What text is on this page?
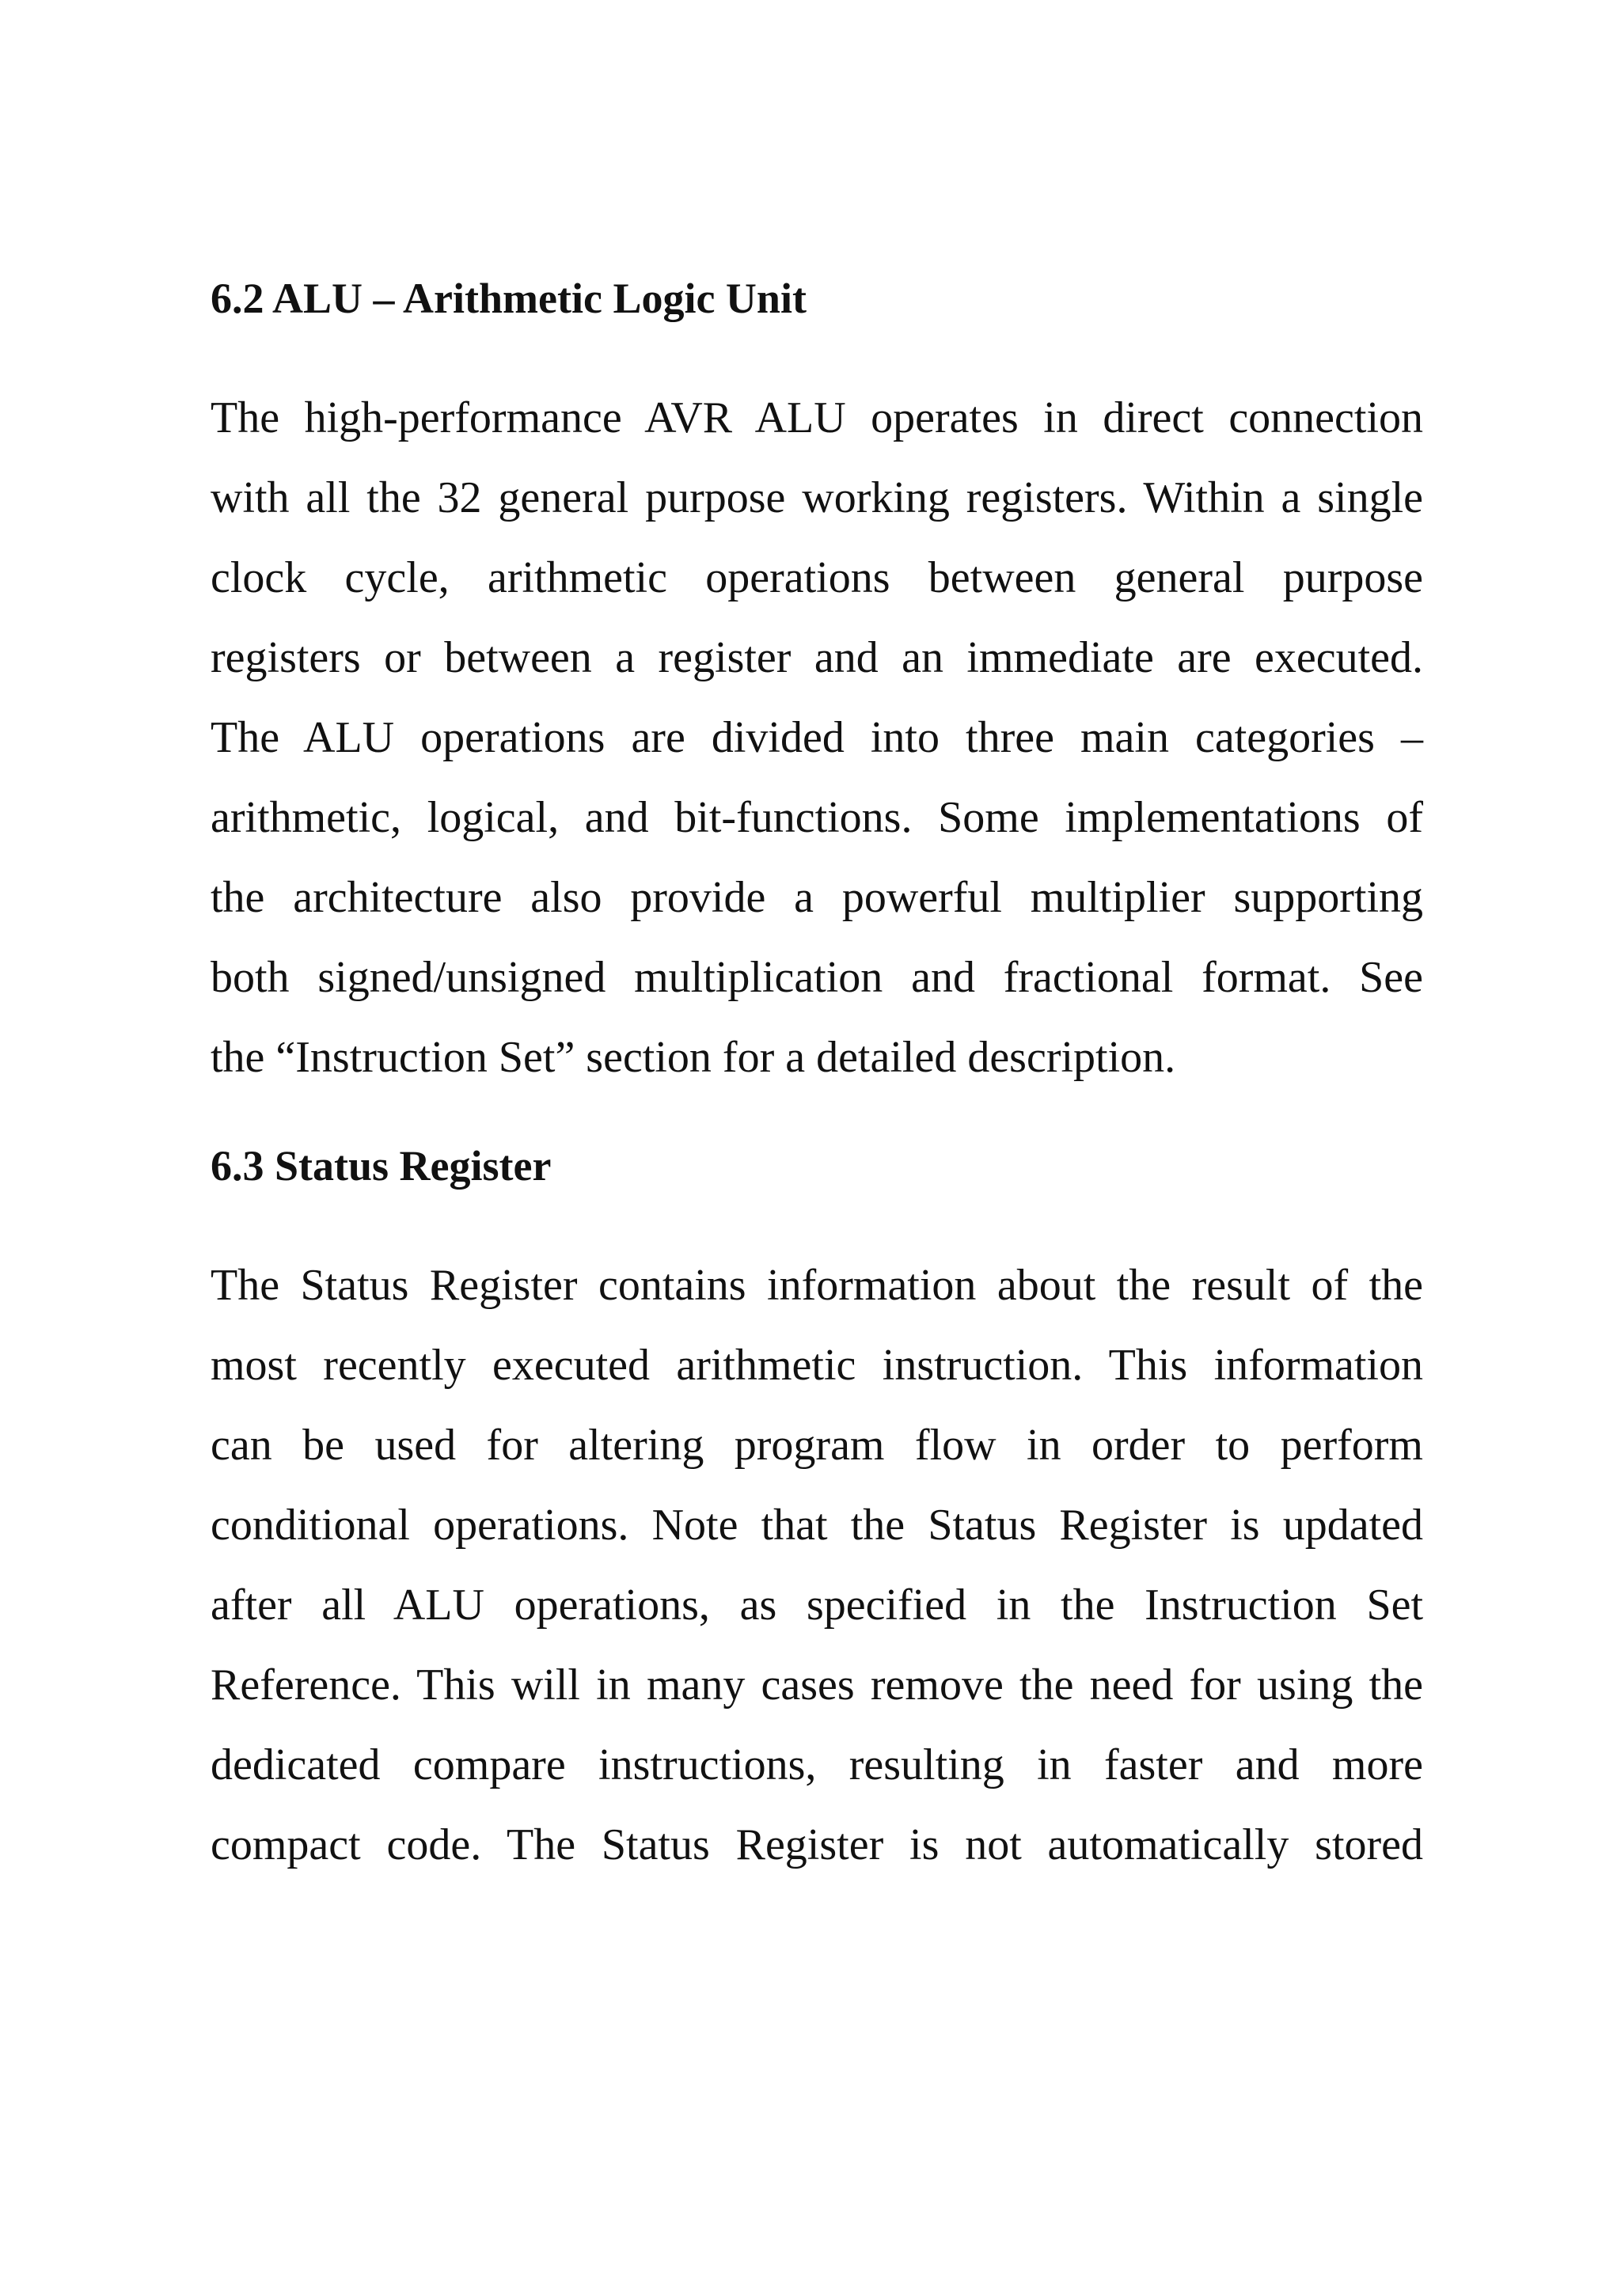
6.2 ALU – Arithmetic Logic Unit

The high-performance AVR ALU operates in direct connection
with all the 32 general purpose working registers. Within a single
clock cycle, arithmetic operations between general purpose
registers or between a register and an immediate are executed.
The ALU operations are divided into three main categories –
arithmetic, logical, and bit-functions. Some implementations of
the architecture also provide a powerful multiplier supporting
both signed/unsigned multiplication and fractional format. See
the “Instruction Set” section for a detailed description.

6.3 Status Register

The Status Register contains information about the result of the
most recently executed arithmetic instruction. This information
can be used for altering program flow in order to perform
conditional operations. Note that the Status Register is updated
after all ALU operations, as specified in the Instruction Set
Reference. This will in many cases remove the need for using the
dedicated compare instructions, resulting in faster and more
compact code. The Status Register is not automatically stored
